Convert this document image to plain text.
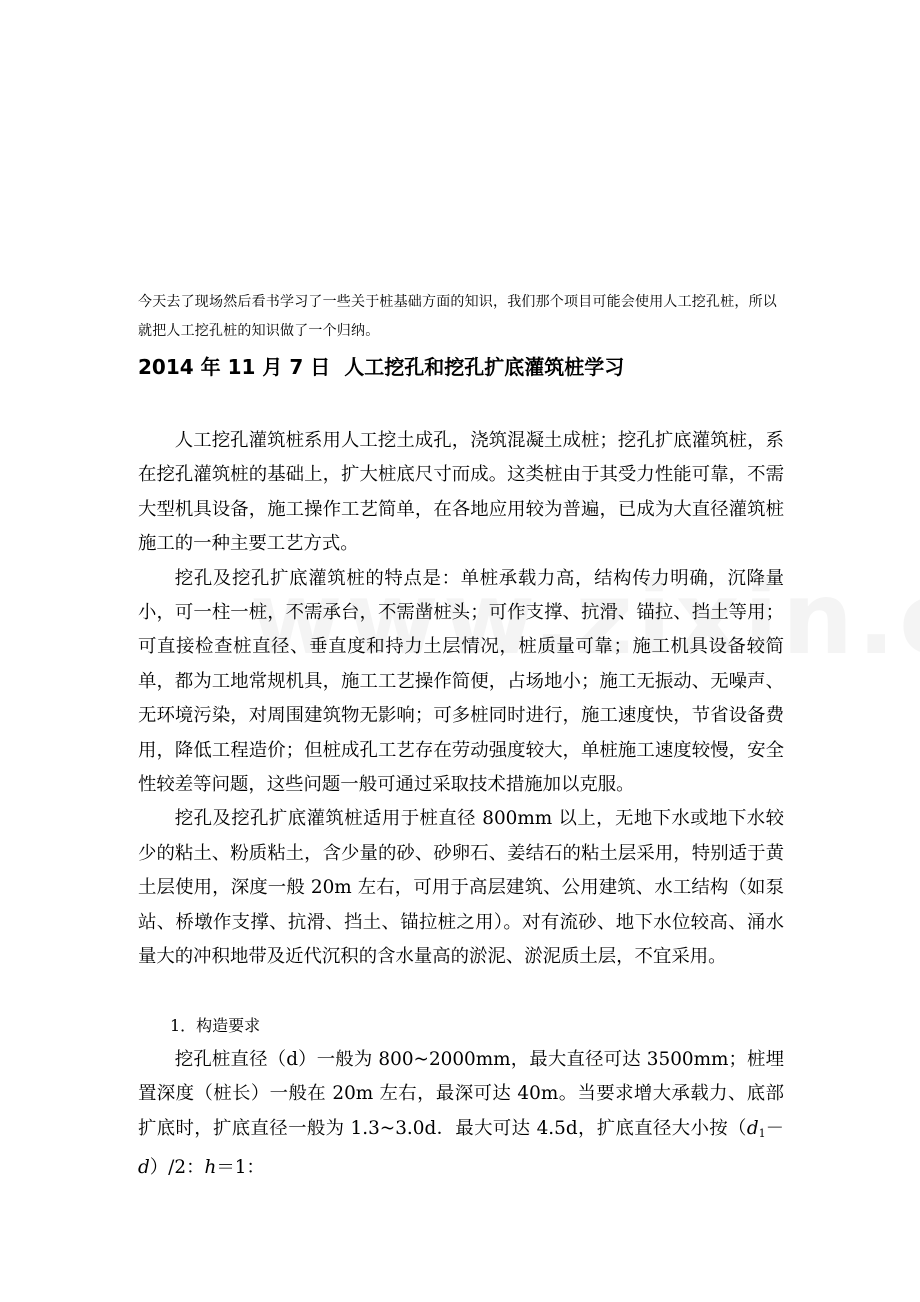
今天去了现场然后看书学习了一些关于桩基础方面的知识，我们那个项目可能会使用人工挖孔桩，所以就把人工挖孔桩的知识做了一个归纳。

2014 年 11 月 7 日 人工挖孔和挖孔扩底灌筑桩学习

人工挖孔灌筑桩系用人工挖土成孔，浇筑混凝土成桩；挖孔扩底灌筑桩，系在挖孔灌筑桩的基础上，扩大桩底尺寸而成。这类桩由于其受力性能可靠，不需大型机具设备，施工操作工艺简单，在各地应用较为普遍，已成为大直径灌筑桩施工的一种主要工艺方式。

挖孔及挖孔扩底灌筑桩的特点是：单桩承载力高，结构传力明确，沉降量小，可一柱一桩，不需承台，不需凿桩头；可作支撑、抗滑、锚拉、挡土等用；可直接检查桩直径、垂直度和持力土层情况，桩质量可靠；施工机具设备较简单，都为工地常规机具，施工工艺操作简便，占场地小；施工无振动、无噪声、无环境污染，对周围建筑物无影响；可多桩同时进行，施工速度快，节省设备费用，降低工程造价；但桩成孔工艺存在劳动强度较大，单桩施工速度较慢，安全性较差等问题，这些问题一般可通过采取技术措施加以克服。

挖孔及挖孔扩底灌筑桩适用于桩直径 800mm 以上，无地下水或地下水较少的粘土、粉质粘土，含少量的砂、砂卵石、姜结石的粘土层采用，特别适于黄土层使用，深度一般 20m 左右，可用于高层建筑、公用建筑、水工结构（如泵站、桥墩作支撑、抗滑、挡土、锚拉桩之用）。对有流砂、地下水位较高、涌水量大的冲积地带及近代沉积的含水量高的淤泥、淤泥质土层，不宜采用。

1．构造要求

挖孔桩直径（d）一般为 800~2000mm，最大直径可达 3500mm；桩埋置深度（桩长）一般在 20m 左右，最深可达 40m。当要求增大承载力、底部扩底时，扩底直径一般为 1.3~3.0d．最大可达 4.5d，扩底直径大小按$(d_1-d)/2$：h＝1：
